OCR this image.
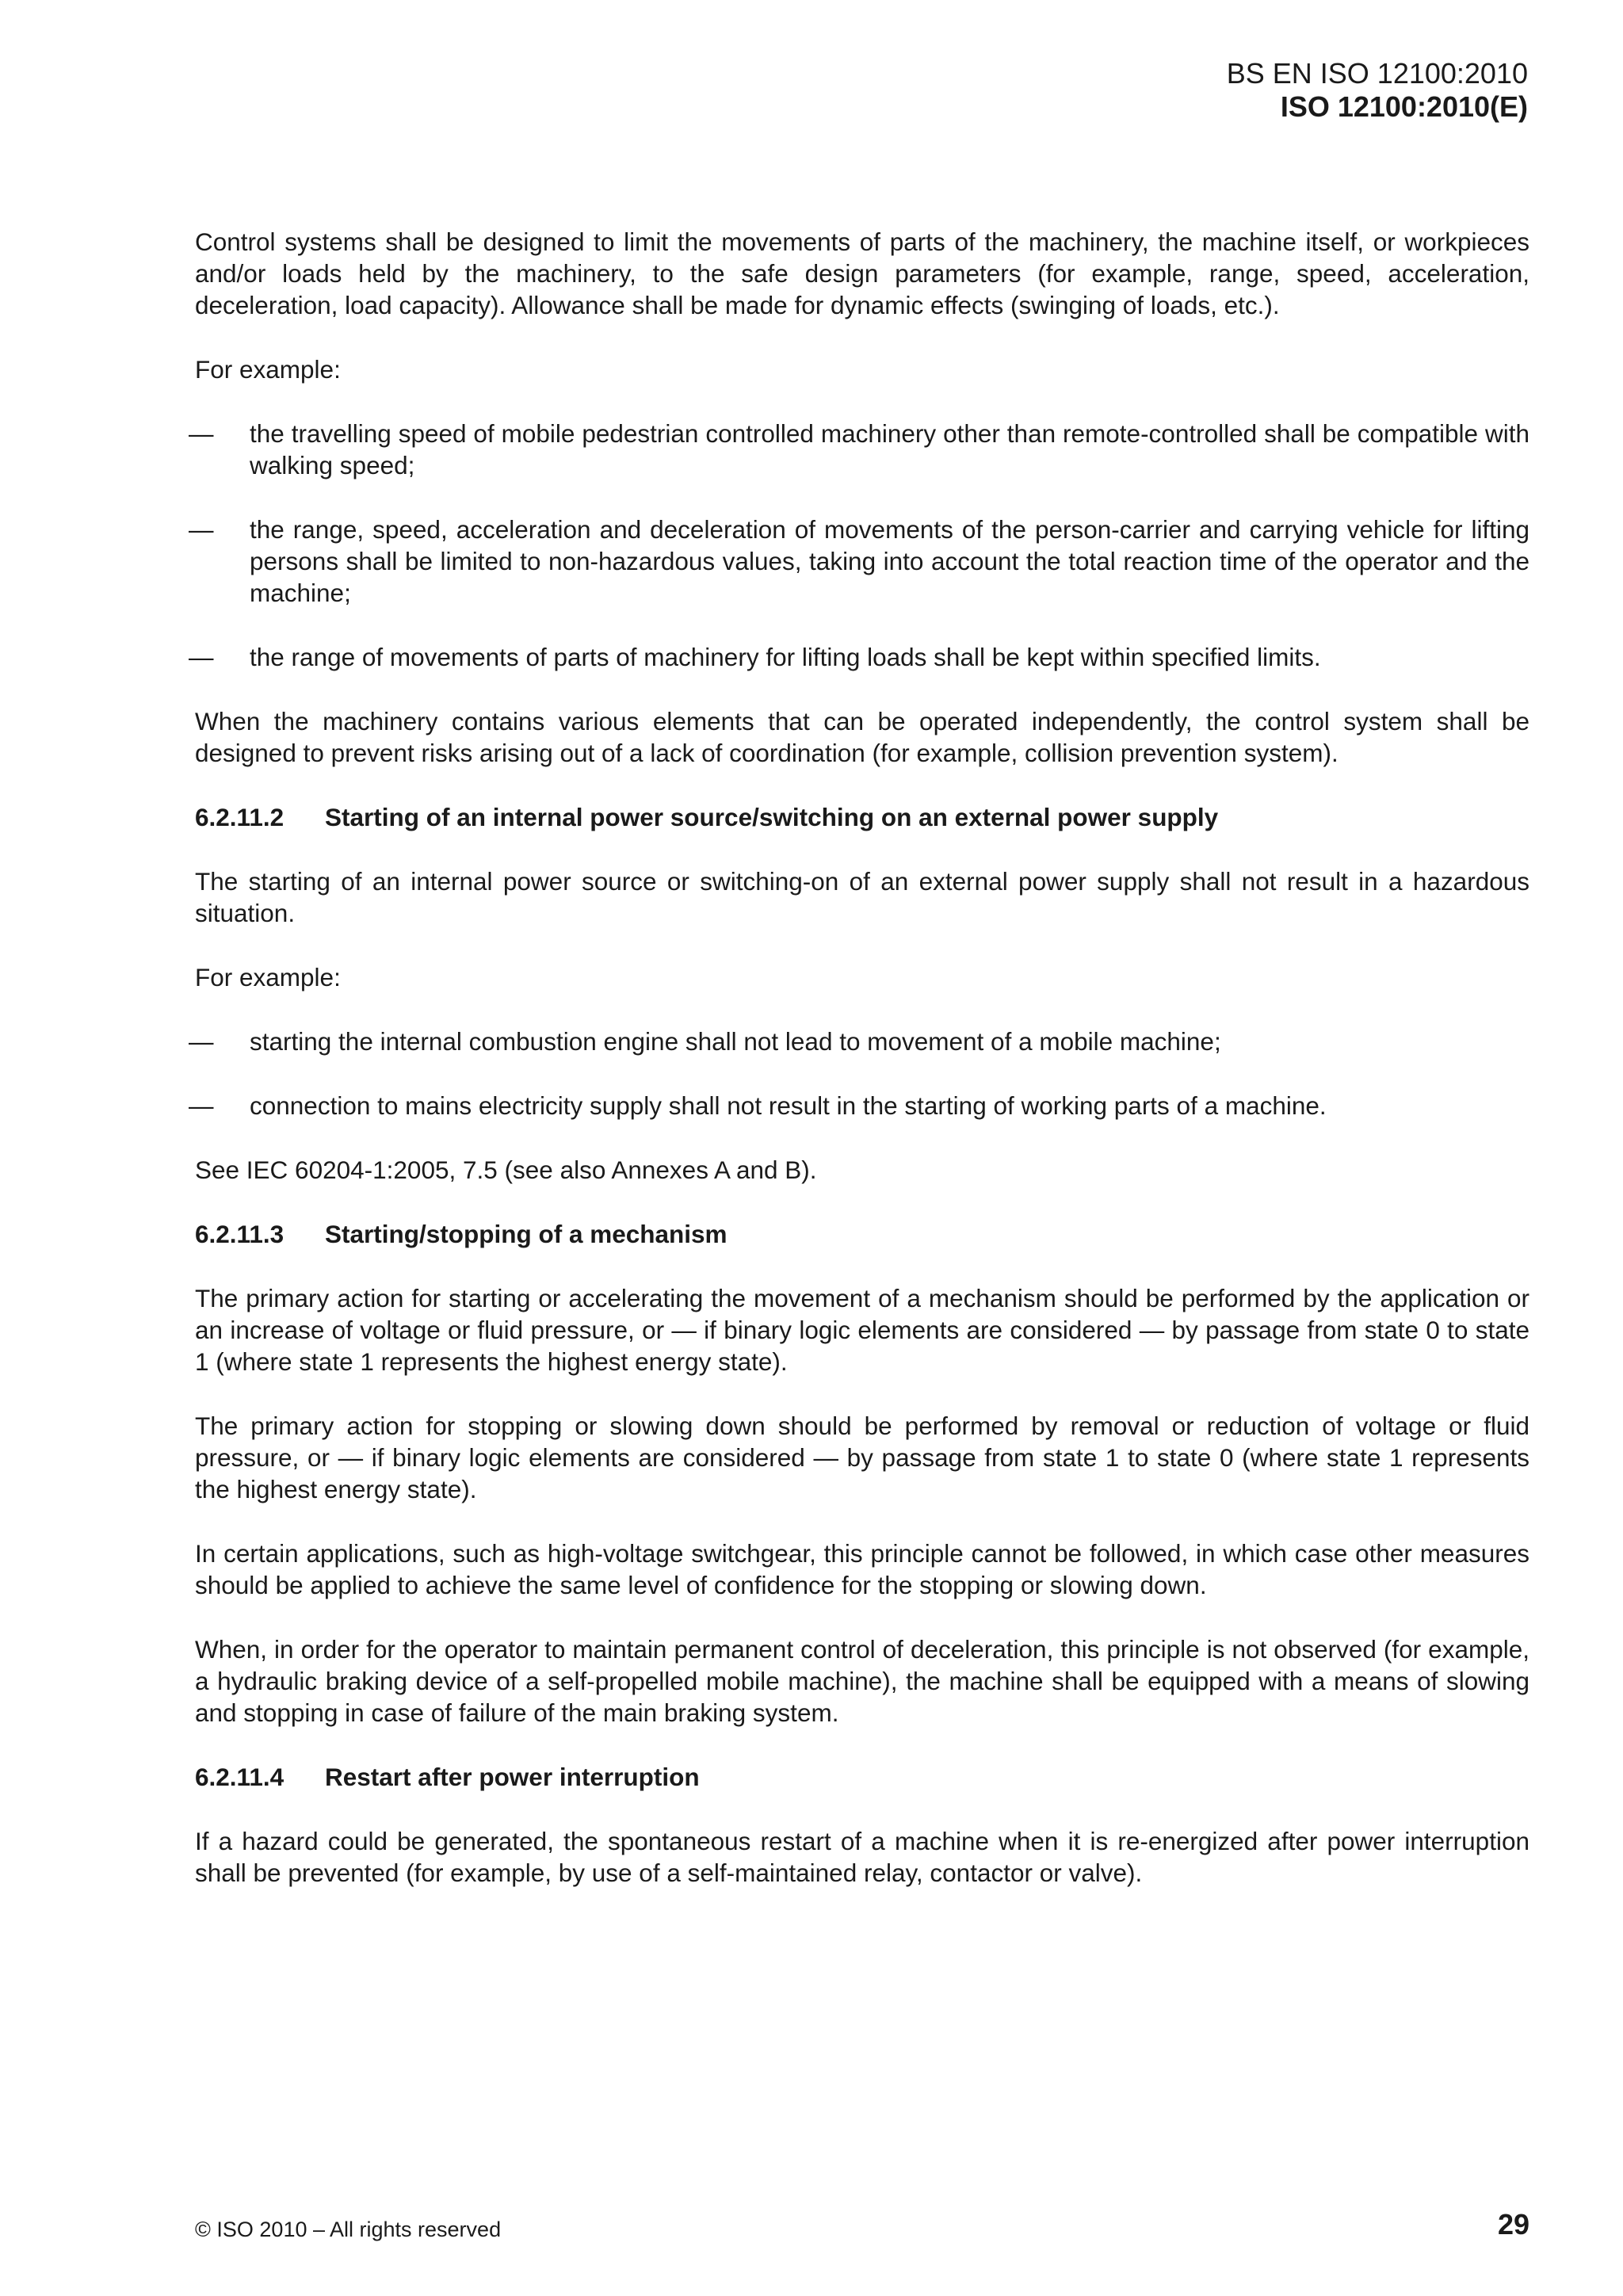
BS EN ISO 12100:2010
ISO 12100:2010(E)

Control systems shall be designed to limit the movements of parts of the machinery, the machine itself, or workpieces and/or loads held by the machinery, to the safe design parameters (for example, range, speed, acceleration, deceleration, load capacity). Allowance shall be made for dynamic effects (swinging of loads, etc.).

For example:

— the travelling speed of mobile pedestrian controlled machinery other than remote-controlled shall be compatible with walking speed;
— the range, speed, acceleration and deceleration of movements of the person-carrier and carrying vehicle for lifting persons shall be limited to non-hazardous values, taking into account the total reaction time of the operator and the machine;
— the range of movements of parts of machinery for lifting loads shall be kept within specified limits.

When the machinery contains various elements that can be operated independently, the control system shall be designed to prevent risks arising out of a lack of coordination (for example, collision prevention system).

6.2.11.2 Starting of an internal power source/switching on an external power supply

The starting of an internal power source or switching-on of an external power supply shall not result in a hazardous situation.

For example:

— starting the internal combustion engine shall not lead to movement of a mobile machine;
— connection to mains electricity supply shall not result in the starting of working parts of a machine.

See IEC 60204-1:2005, 7.5 (see also Annexes A and B).

6.2.11.3 Starting/stopping of a mechanism

The primary action for starting or accelerating the movement of a mechanism should be performed by the application or an increase of voltage or fluid pressure, or — if binary logic elements are considered — by passage from state 0 to state 1 (where state 1 represents the highest energy state).

The primary action for stopping or slowing down should be performed by removal or reduction of voltage or fluid pressure, or — if binary logic elements are considered — by passage from state 1 to state 0 (where state 1 represents the highest energy state).

In certain applications, such as high-voltage switchgear, this principle cannot be followed, in which case other measures should be applied to achieve the same level of confidence for the stopping or slowing down.

When, in order for the operator to maintain permanent control of deceleration, this principle is not observed (for example, a hydraulic braking device of a self-propelled mobile machine), the machine shall be equipped with a means of slowing and stopping in case of failure of the main braking system.

6.2.11.4 Restart after power interruption

If a hazard could be generated, the spontaneous restart of a machine when it is re-energized after power interruption shall be prevented (for example, by use of a self-maintained relay, contactor or valve).

© ISO 2010 – All rights reserved	29
